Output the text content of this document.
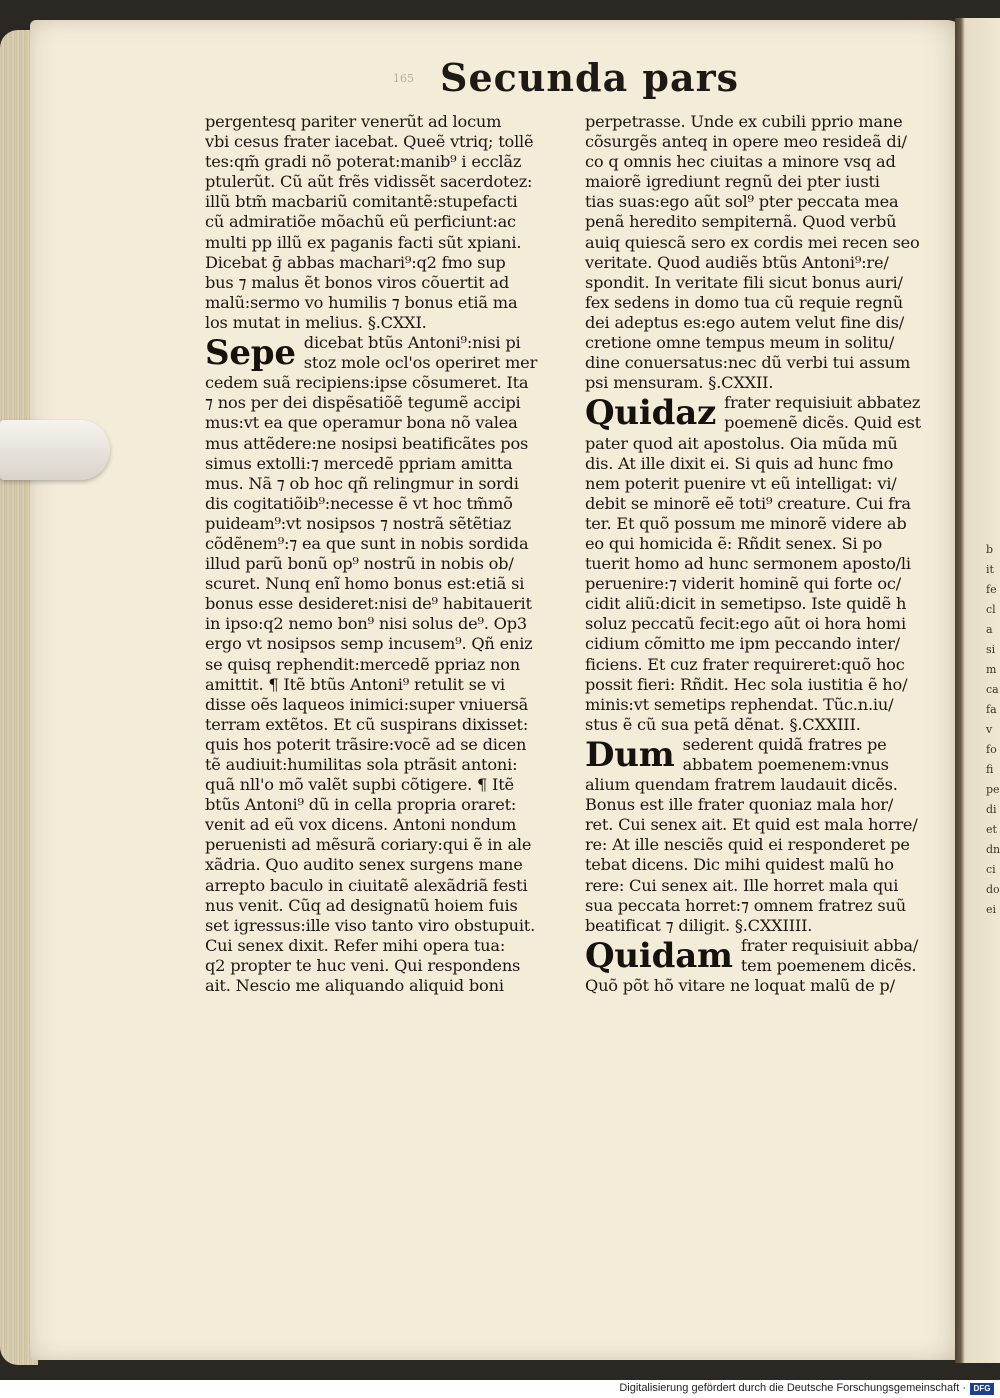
165 Secunda pars
pergentesq pariter venerũt ad locum
vbi cesus frater iacebat. Queẽ vtriq; tollẽ
tes:qm̃ gradi nõ poterat:manib⁹ i ecclãz
ptulerũt. Cũ aũt frẽs vidissẽt sacerdotez:
illũ btm̃ macbariũ comitantẽ:stupefacti
cũ admiratiõe mõachũ eũ perficiunt:ac
multi pp illũ ex paganis facti sũt xpiani.
Dicebat ḡ abbas machari⁹:q2 fmo sup
bus ⁊ malus ẽt bonos viros cõuertit ad
malũ:sermo vo humilis ⁊ bonus etiã ma
los mutat in melius. §.CXXI.
Sepe dicebat btũs Antoni⁹:nisi pi
stoz mole ocl'os operiret mer
cedem suã recipiens:ipse cõsumeret. Ita
⁊ nos per dei dispẽsatiõẽ tegumẽ accipi
mus:vt ea que operamur bona nõ valea
mus attẽdere:ne nosipsi beatificãtes pos
simus extolli:⁊ mercedẽ ppriam amitta
mus. Nã ⁊ ob hoc qñ relingmur in sordi
dis cogitatiõib⁹:necesse ẽ vt hoc tm̃mõ
puideam⁹:vt nosipsos ⁊ nostrã sẽtẽtiaz
cõdẽnem⁹:⁊ ea que sunt in nobis sordida
illud parũ bonũ op⁹ nostrũ in nobis ob/
scuret. Nunq enĩ homo bonus est:etiã si
bonus esse desideret:nisi de⁹ habitauerit
in ipso:q2 nemo bon⁹ nisi solus de⁹. Op3
ergo vt nosipsos semp incusem⁹. Qñ eniz
se quisq rephendit:mercedẽ ppriaz non
amittit. ¶ Itẽ btũs Antoni⁹ retulit se vi
disse oẽs laqueos inimici:super vniuersã
terram extẽtos. Et cũ suspirans dixisset:
quis hos poterit trãsire:vocẽ ad se dicen
tẽ audiuit:humilitas sola ptrãsit antoni:
quã nll'o mõ valẽt supbi cõtigere. ¶ Itẽ
btũs Antoni⁹ dũ in cella propria oraret:
venit ad eũ vox dicens. Antoni nondum
peruenisti ad mẽsurã coriary:qui ẽ in ale
xãdria. Quo audito senex surgens mane
arrepto baculo in ciuitatẽ alexãdriã festi
nus venit. Cũq ad designatũ hoiem fuis
set igressus:ille viso tanto viro obstupuit.
Cui senex dixit. Refer mihi opera tua:
q2 propter te huc veni. Qui respondens
ait. Nescio me aliquando aliquid boni
perpetrasse. Unde ex cubili pprio mane
cõsurgẽs anteq in opere meo resideã di/
co q omnis hec ciuitas a minore vsq ad
maiorẽ igrediunt regnũ dei pter iusti
tias suas:ego aũt sol⁹ pter peccata mea
penã heredito sempiternã. Quod verbũ
auiq quiescã sero ex cordis mei recen seo
veritate. Quod audiẽs btũs Antoni⁹:re/
spondit. In veritate fili sicut bonus auri/
fex sedens in domo tua cũ requie regnũ
dei adeptus es:ego autem velut fine dis/
cretione omne tempus meum in solitu/
dine conuersatus:nec dũ verbi tui assum
psi mensuram. §.CXXII.
Quidaz frater requisiuit abbatez
poemenẽ dicẽs. Quid est
pater quod ait apostolus. Oia mũda mũ
dis. At ille dixit ei. Si quis ad hunc fmo
nem poterit puenire vt eũ intelligat: vi/
debit se minorẽ eẽ toti⁹ creature. Cui fra
ter. Et quõ possum me minorẽ videre ab
eo qui homicida ẽ: Rñdit senex. Si po
tuerit homo ad hunc sermonem aposto/li
peruenire:⁊ viderit hominẽ qui forte oc/
cidit aliũ:dicit in semetipso. Iste quidẽ h
soluz peccatũ fecit:ego aũt oi hora homi
cidium cõmitto me ipm peccando inter/
ficiens. Et cuz frater requireret:quõ hoc
possit fieri: Rñdit. Hec sola iustitia ẽ ho/
minis:vt semetips rephendat. Tũc.n.iu/
stus ẽ cũ sua petã dẽnat. §.CXXIII.
Dum sederent quidã fratres pe
abbatem poemenem:vnus
alium quendam fratrem laudauit dicẽs.
Bonus est ille frater quoniaz mala hor/
ret. Cui senex ait. Et quid est mala horre/
re: At ille nesciẽs quid ei responderet pe
tebat dicens. Dic mihi quidest malũ ho
rere: Cui senex ait. Ille horret mala qui
sua peccata horret:⁊ omnem fratrez suũ
beatificat ⁊ diligit. §.CXXIIII.
Quidam frater requisiuit abba/
tem poemenem dicẽs.
Quõ põt hõ vitare ne loquat malũ de p/
b
it
fe
cl
a
si
m
ca
fa
v
fo
fi
pe
di
et
dn
ci
do
ei
Digitalisierung gefördert durch die Deutsche Forschungsgemeinschaft · DFG
